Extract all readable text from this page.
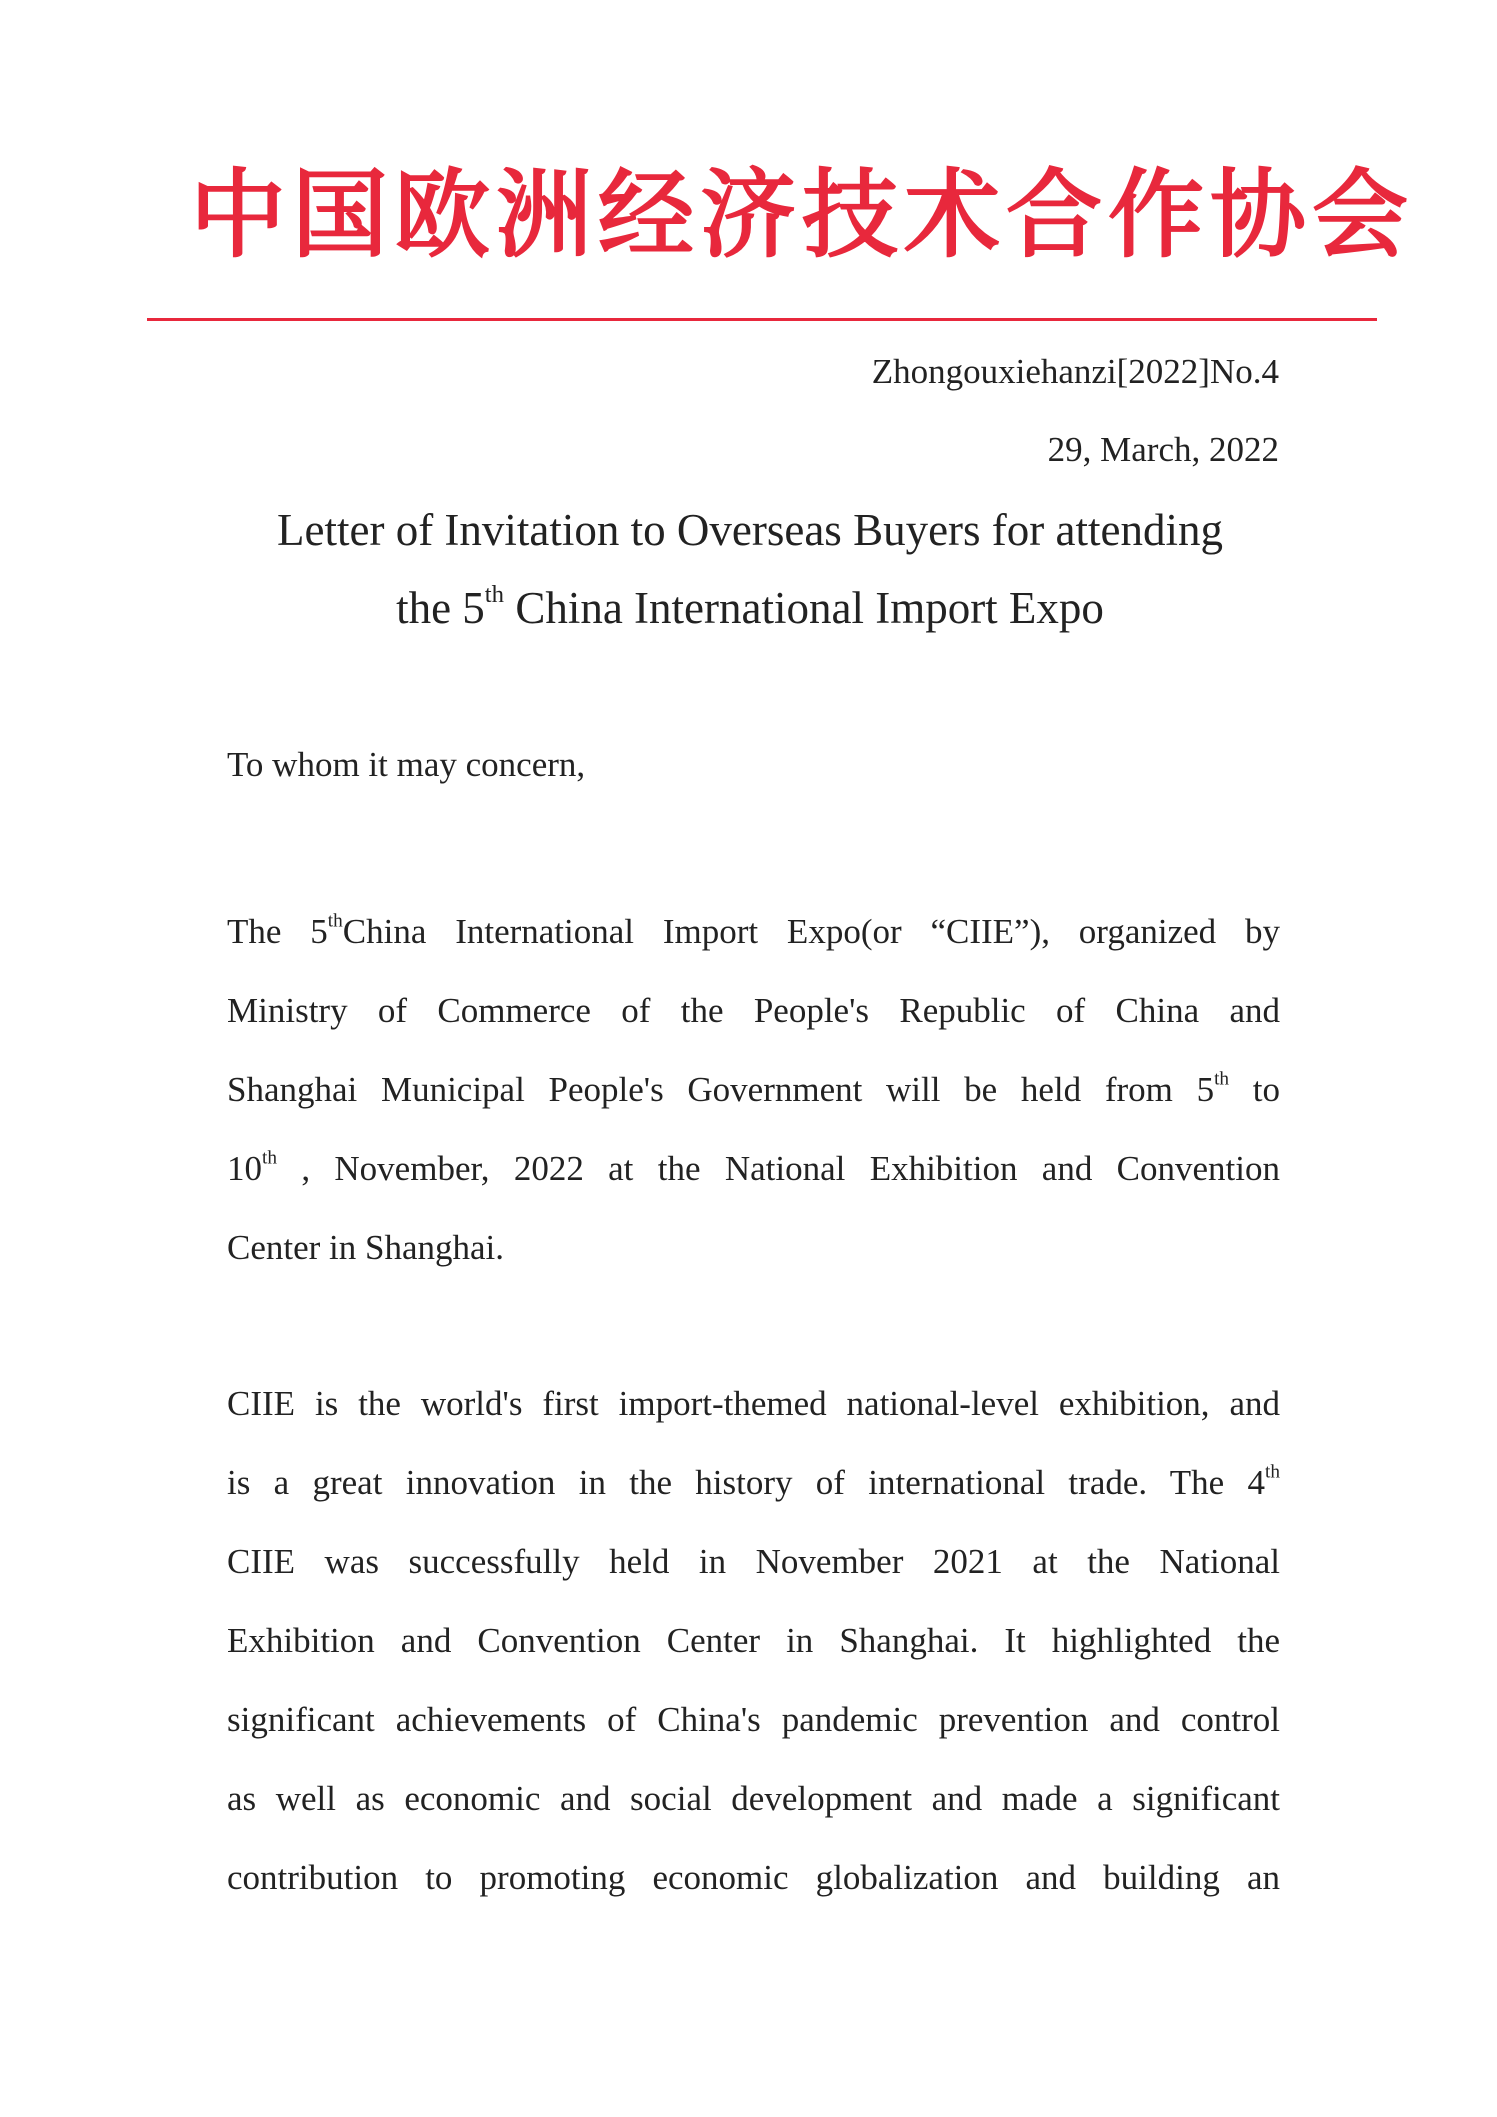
中国欧洲经济技术合作协会
Zhongouxiehanzi[2022]No.4
29, March, 2022
Letter of Invitation to Overseas Buyers for attending
the 5th China International Import Expo
To whom it may concern,
The 5thChina International Import Expo(or “CIIE”), organized by
Ministry of Commerce of the People's Republic of China and
Shanghai Municipal People's Government will be held from 5th to
10th , November, 2022 at the National Exhibition and Convention
Center in Shanghai.
CIIE is the world's first import-themed national-level exhibition, and
is a great innovation in the history of international trade. The 4th
CIIE was successfully held in November 2021 at the National
Exhibition and Convention Center in Shanghai. It highlighted the
significant achievements of China's pandemic prevention and control
as well as economic and social development and made a significant
contribution to promoting economic globalization and building an
